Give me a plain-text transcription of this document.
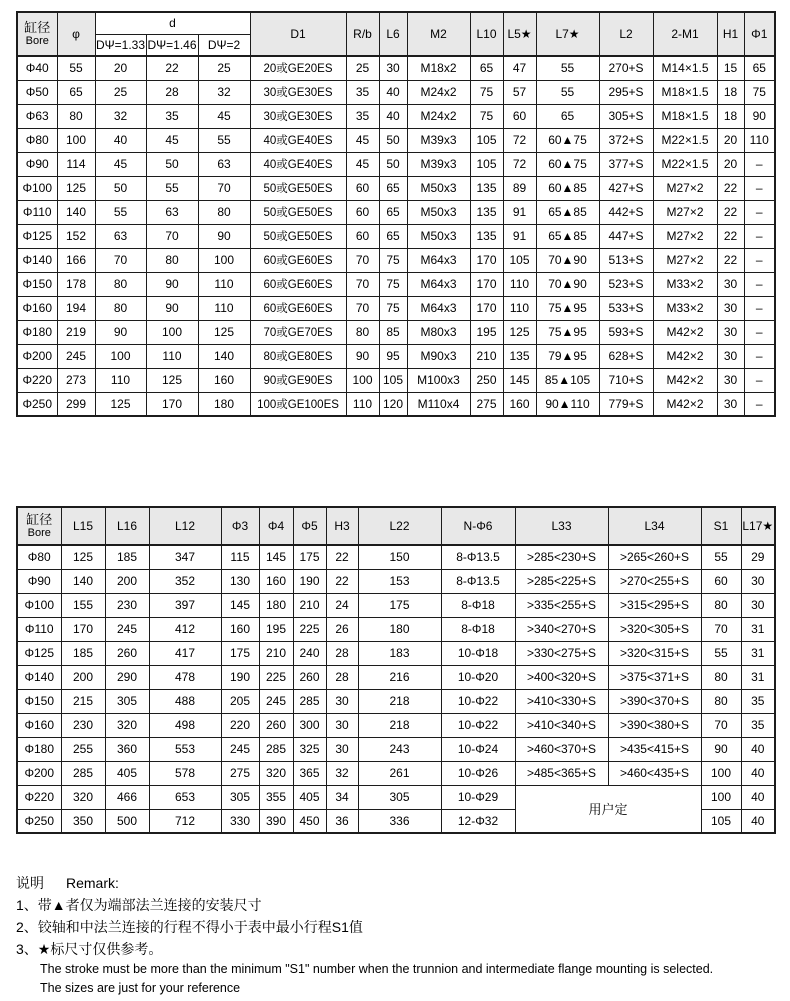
缸径
Bore	φ	d			D1	R/b	L6	M2	L10	L5★	L7★	L2	2-M1	H1	Φ1
		DΨ=1.33	DΨ=1.46	DΨ=2											
Φ40	55	20	22	25	20或GE20ES	25	30	M18x2	65	47	55	270+S	M14×1.5	15	65
Φ50	65	25	28	32	30或GE30ES	35	40	M24x2	75	57	55	295+S	M18×1.5	18	75
Φ63	80	32	35	45	30或GE30ES	35	40	M24x2	75	60	65	305+S	M18×1.5	18	90
Φ80	100	40	45	55	40或GE40ES	45	50	M39x3	105	72	60▲75	372+S	M22×1.5	20	110
Φ90	114	45	50	63	40或GE40ES	45	50	M39x3	105	72	60▲75	377+S	M22×1.5	20	–
Φ100	125	50	55	70	50或GE50ES	60	65	M50x3	135	89	60▲85	427+S	M27×2	22	–
Φ110	140	55	63	80	50或GE50ES	60	65	M50x3	135	91	65▲85	442+S	M27×2	22	–
Φ125	152	63	70	90	50或GE50ES	60	65	M50x3	135	91	65▲85	447+S	M27×2	22	–
Φ140	166	70	80	100	60或GE60ES	70	75	M64x3	170	105	70▲90	513+S	M27×2	22	–
Φ150	178	80	90	110	60或GE60ES	70	75	M64x3	170	110	70▲90	523+S	M33×2	30	–
Φ160	194	80	90	110	60或GE60ES	70	75	M64x3	170	110	75▲95	533+S	M33×2	30	–
Φ180	219	90	100	125	70或GE70ES	80	85	M80x3	195	125	75▲95	593+S	M42×2	30	–
Φ200	245	100	110	140	80或GE80ES	90	95	M90x3	210	135	79▲95	628+S	M42×2	30	–
Φ220	273	110	125	160	90或GE90ES	100	105	M100x3	250	145	85▲105	710+S	M42×2	30	–
Φ250	299	125	170	180	100或GE100ES	110	120	M110x4	275	160	90▲110	779+S	M42×2	30	–
缸径
Bore	L15	L16	L12	Φ3	Φ4	Φ5	H3	L22	N-Φ6	L33	L34	S1	L17★
Φ80	125	185	347	115	145	175	22	150	8-Φ13.5	>285<230+S	>265<260+S	55	29
Φ90	140	200	352	130	160	190	22	153	8-Φ13.5	>285<225+S	>270<255+S	60	30
Φ100	155	230	397	145	180	210	24	175	8-Φ18	>335<255+S	>315<295+S	80	30
Φ110	170	245	412	160	195	225	26	180	8-Φ18	>340<270+S	>320<305+S	70	31
Φ125	185	260	417	175	210	240	28	183	10-Φ18	>330<275+S	>320<315+S	55	31
Φ140	200	290	478	190	225	260	28	216	10-Φ20	>400<320+S	>375<371+S	80	31
Φ150	215	305	488	205	245	285	30	218	10-Φ22	>410<330+S	>390<370+S	80	35
Φ160	230	320	498	220	260	300	30	218	10-Φ22	>410<340+S	>390<380+S	70	35
Φ180	255	360	553	245	285	325	30	243	10-Φ24	>460<370+S	>435<415+S	90	40
Φ200	285	405	578	275	320	365	32	261	10-Φ26	>485<365+S	>460<435+S	100	40
Φ220	320	466	653	305	355	405	34	305	10-Φ29	用户定		100	40
Φ250	350	500	712	330	390	450	36	336	12-Φ32			105	40
说明 Remark:
1、带▲者仅为端部法兰连接的安装尺寸
2、铰轴和中法兰连接的行程不得小于表中最小行程S1值
3、★标尺寸仅供参考。
The stroke must be more than the minimum "S1" number when the trunnion and intermediate flange mounting is selected.
The sizes are just for your reference
